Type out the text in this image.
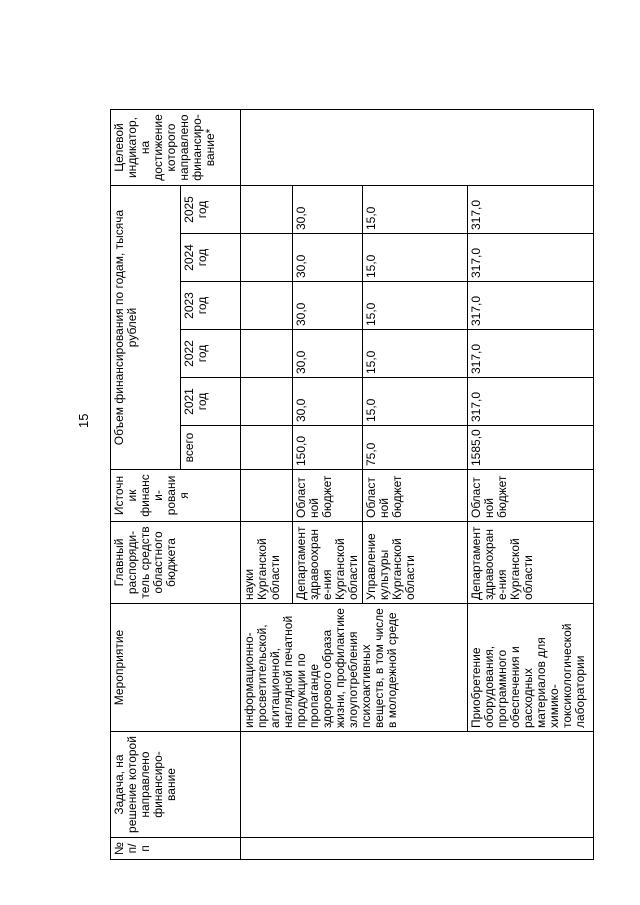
15
№ п/п	Задача, на решение которой направлено финансиро-вание	Мероприятие	Главный распоряди-тель средств областного бюджета	Источник финанси-рования	Объем финансирования по годам, тысяча рублей						Целевой индикатор, на достижение которого направлено финансиро-вание*

					всего	2021 год	2022 год	2023 год	2024 год	2025 год	

		информационно-просветительской, агитационной, наглядной печатной продукции по пропаганде здорового образа жизни, профилактике злоупотребления психоактивных веществ, в том числе в молодежной среде	науки Курганской области								

			Департамент здравоохране-ния Курганской области	Областной бюджет	150,0	30,0	30,0	30,0	30,0	30,0	

			Управление культуры Курганской области	Областной бюджет	75,0	15,0	15,0	15,0	15,0	15,0	

		Приобретение оборудования, программного обеспечения и расходных материалов для химико-токсикологической лаборатории	Департамент здравоохране-ния Курганской области	Областной бюджет	1585,0	317,0	317,0	317,0	317,0	317,0	
